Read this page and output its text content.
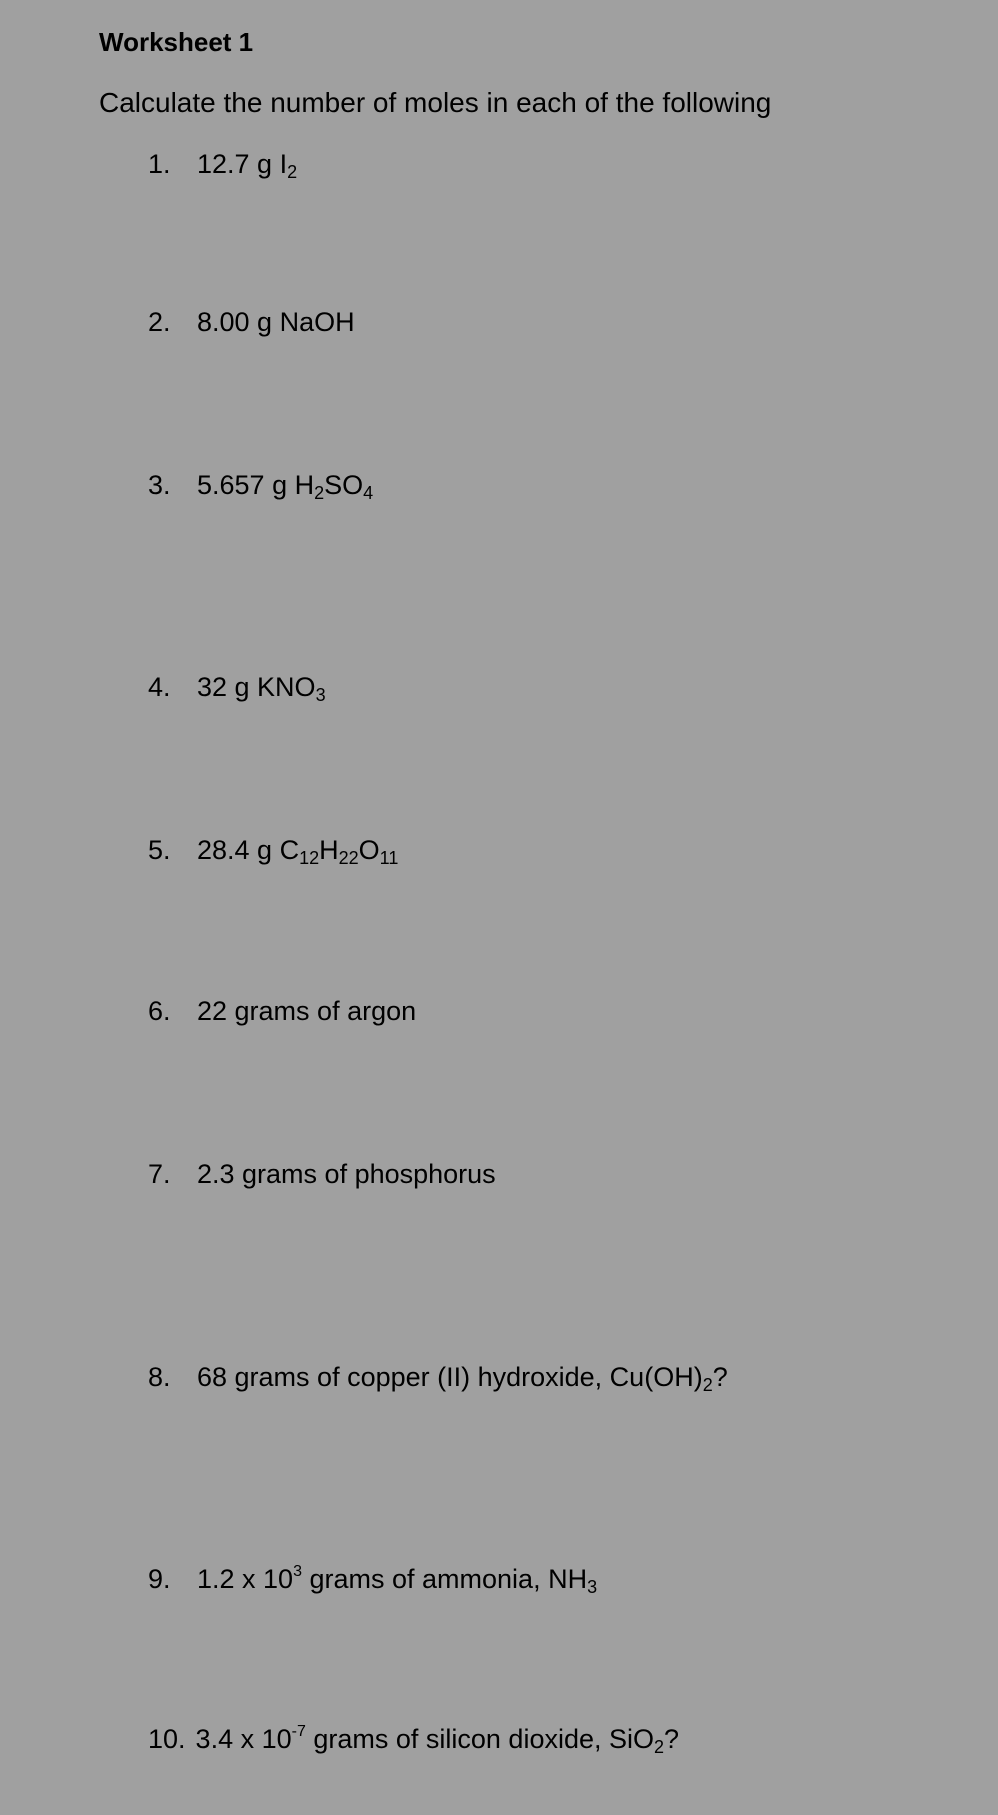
Worksheet 1
Calculate the number of moles in each of the following
1. 12.7 g $I_2$
2. 8.00 g NaOH
3. 5.657 g $H_2SO_4$
4. 32 g $KNO_3$
5. 28.4 g $C_{12}H_{22}O_{11}$
6. 22 grams of argon
7. 2.3 grams of phosphorus
8. 68 grams of copper (II) hydroxide, $Cu(OH)_2$?
9. 1.2 x $10^3$ grams of ammonia, $NH_3$
10. 3.4 x $10^{-7}$ grams of silicon dioxide, SiO$_2$?
